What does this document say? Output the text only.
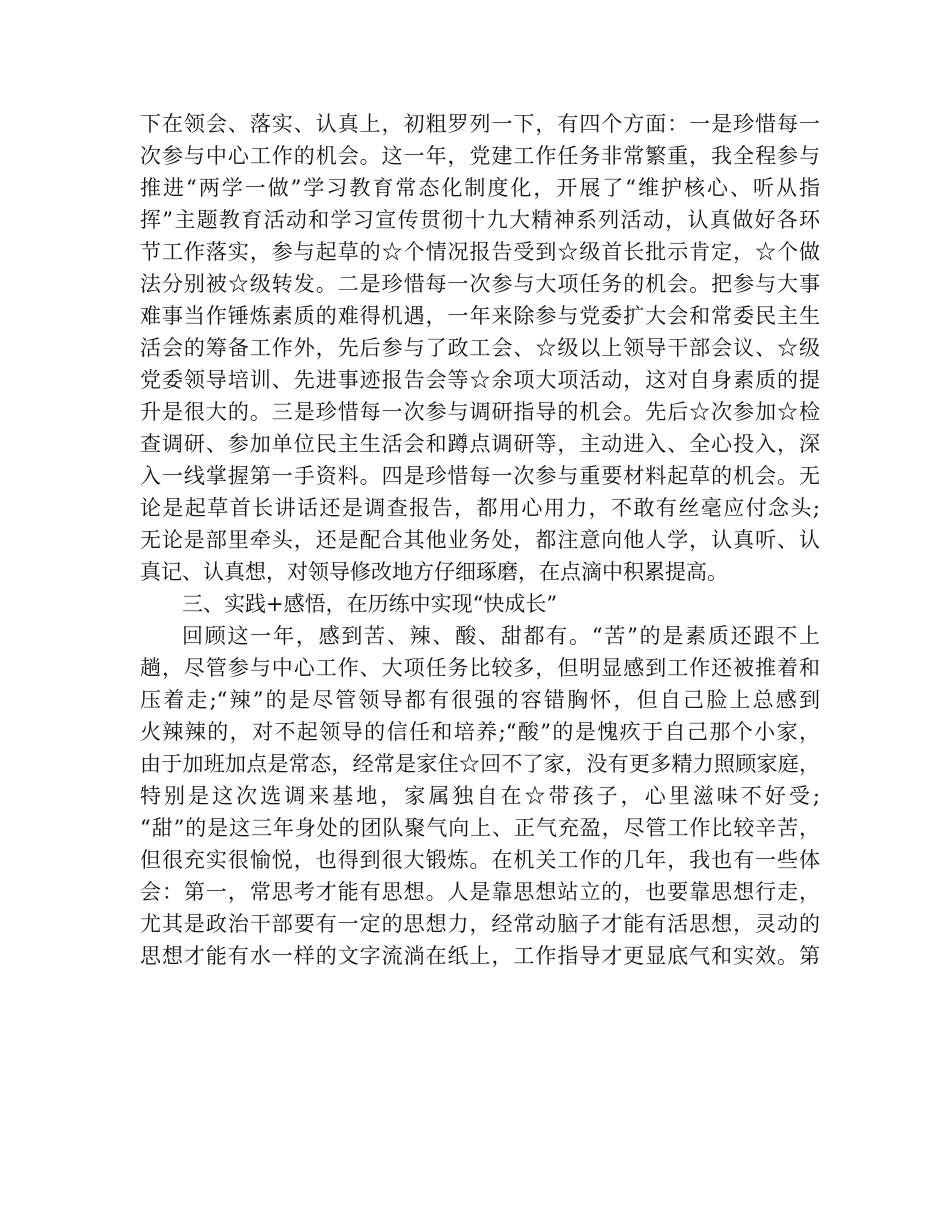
下在领会、落实、认真上，初粗罗列一下，有四个方面：一是珍惜每一
次参与中心工作的机会。这一年，党建工作任务非常繁重，我全程参与
推进“两学一做”学习教育常态化制度化，开展了“维护核心、听从指
挥”主题教育活动和学习宣传贯彻十九大精神系列活动，认真做好各环
节工作落实，参与起草的☆个情况报告受到☆级首长批示肯定，☆个做
法分别被☆级转发。二是珍惜每一次参与大项任务的机会。把参与大事
难事当作锤炼素质的难得机遇，一年来除参与党委扩大会和常委民主生
活会的筹备工作外，先后参与了政工会、☆级以上领导干部会议、☆级
党委领导培训、先进事迹报告会等☆余项大项活动，这对自身素质的提
升是很大的。三是珍惜每一次参与调研指导的机会。先后☆次参加☆检
查调研、参加单位民主生活会和蹲点调研等，主动进入、全心投入，深
入一线掌握第一手资料。四是珍惜每一次参与重要材料起草的机会。无
论是起草首长讲话还是调查报告，都用心用力，不敢有丝毫应付念头;
无论是部里牵头，还是配合其他业务处，都注意向他人学，认真听、认
真记、认真想，对领导修改地方仔细琢磨，在点滴中积累提高。
三、实践+感悟，在历练中实现“快成长”
回顾这一年，感到苦、辣、酸、甜都有。“苦”的是素质还跟不上
趟，尽管参与中心工作、大项任务比较多，但明显感到工作还被推着和
压着走;“辣”的是尽管领导都有很强的容错胸怀，但自己脸上总感到
火辣辣的，对不起领导的信任和培养;“酸”的是愧疚于自己那个小家，
由于加班加点是常态，经常是家住☆回不了家，没有更多精力照顾家庭，
特别是这次选调来基地，家属独自在☆带孩子，心里滋味不好受;
“甜”的是这三年身处的团队聚气向上、正气充盈，尽管工作比较辛苦，
但很充实很愉悦，也得到很大锻炼。在机关工作的几年，我也有一些体
会：第一，常思考才能有思想。人是靠思想站立的，也要靠思想行走，
尤其是政治干部要有一定的思想力，经常动脑子才能有活思想，灵动的
思想才能有水一样的文字流淌在纸上，工作指导才更显底气和实效。第
